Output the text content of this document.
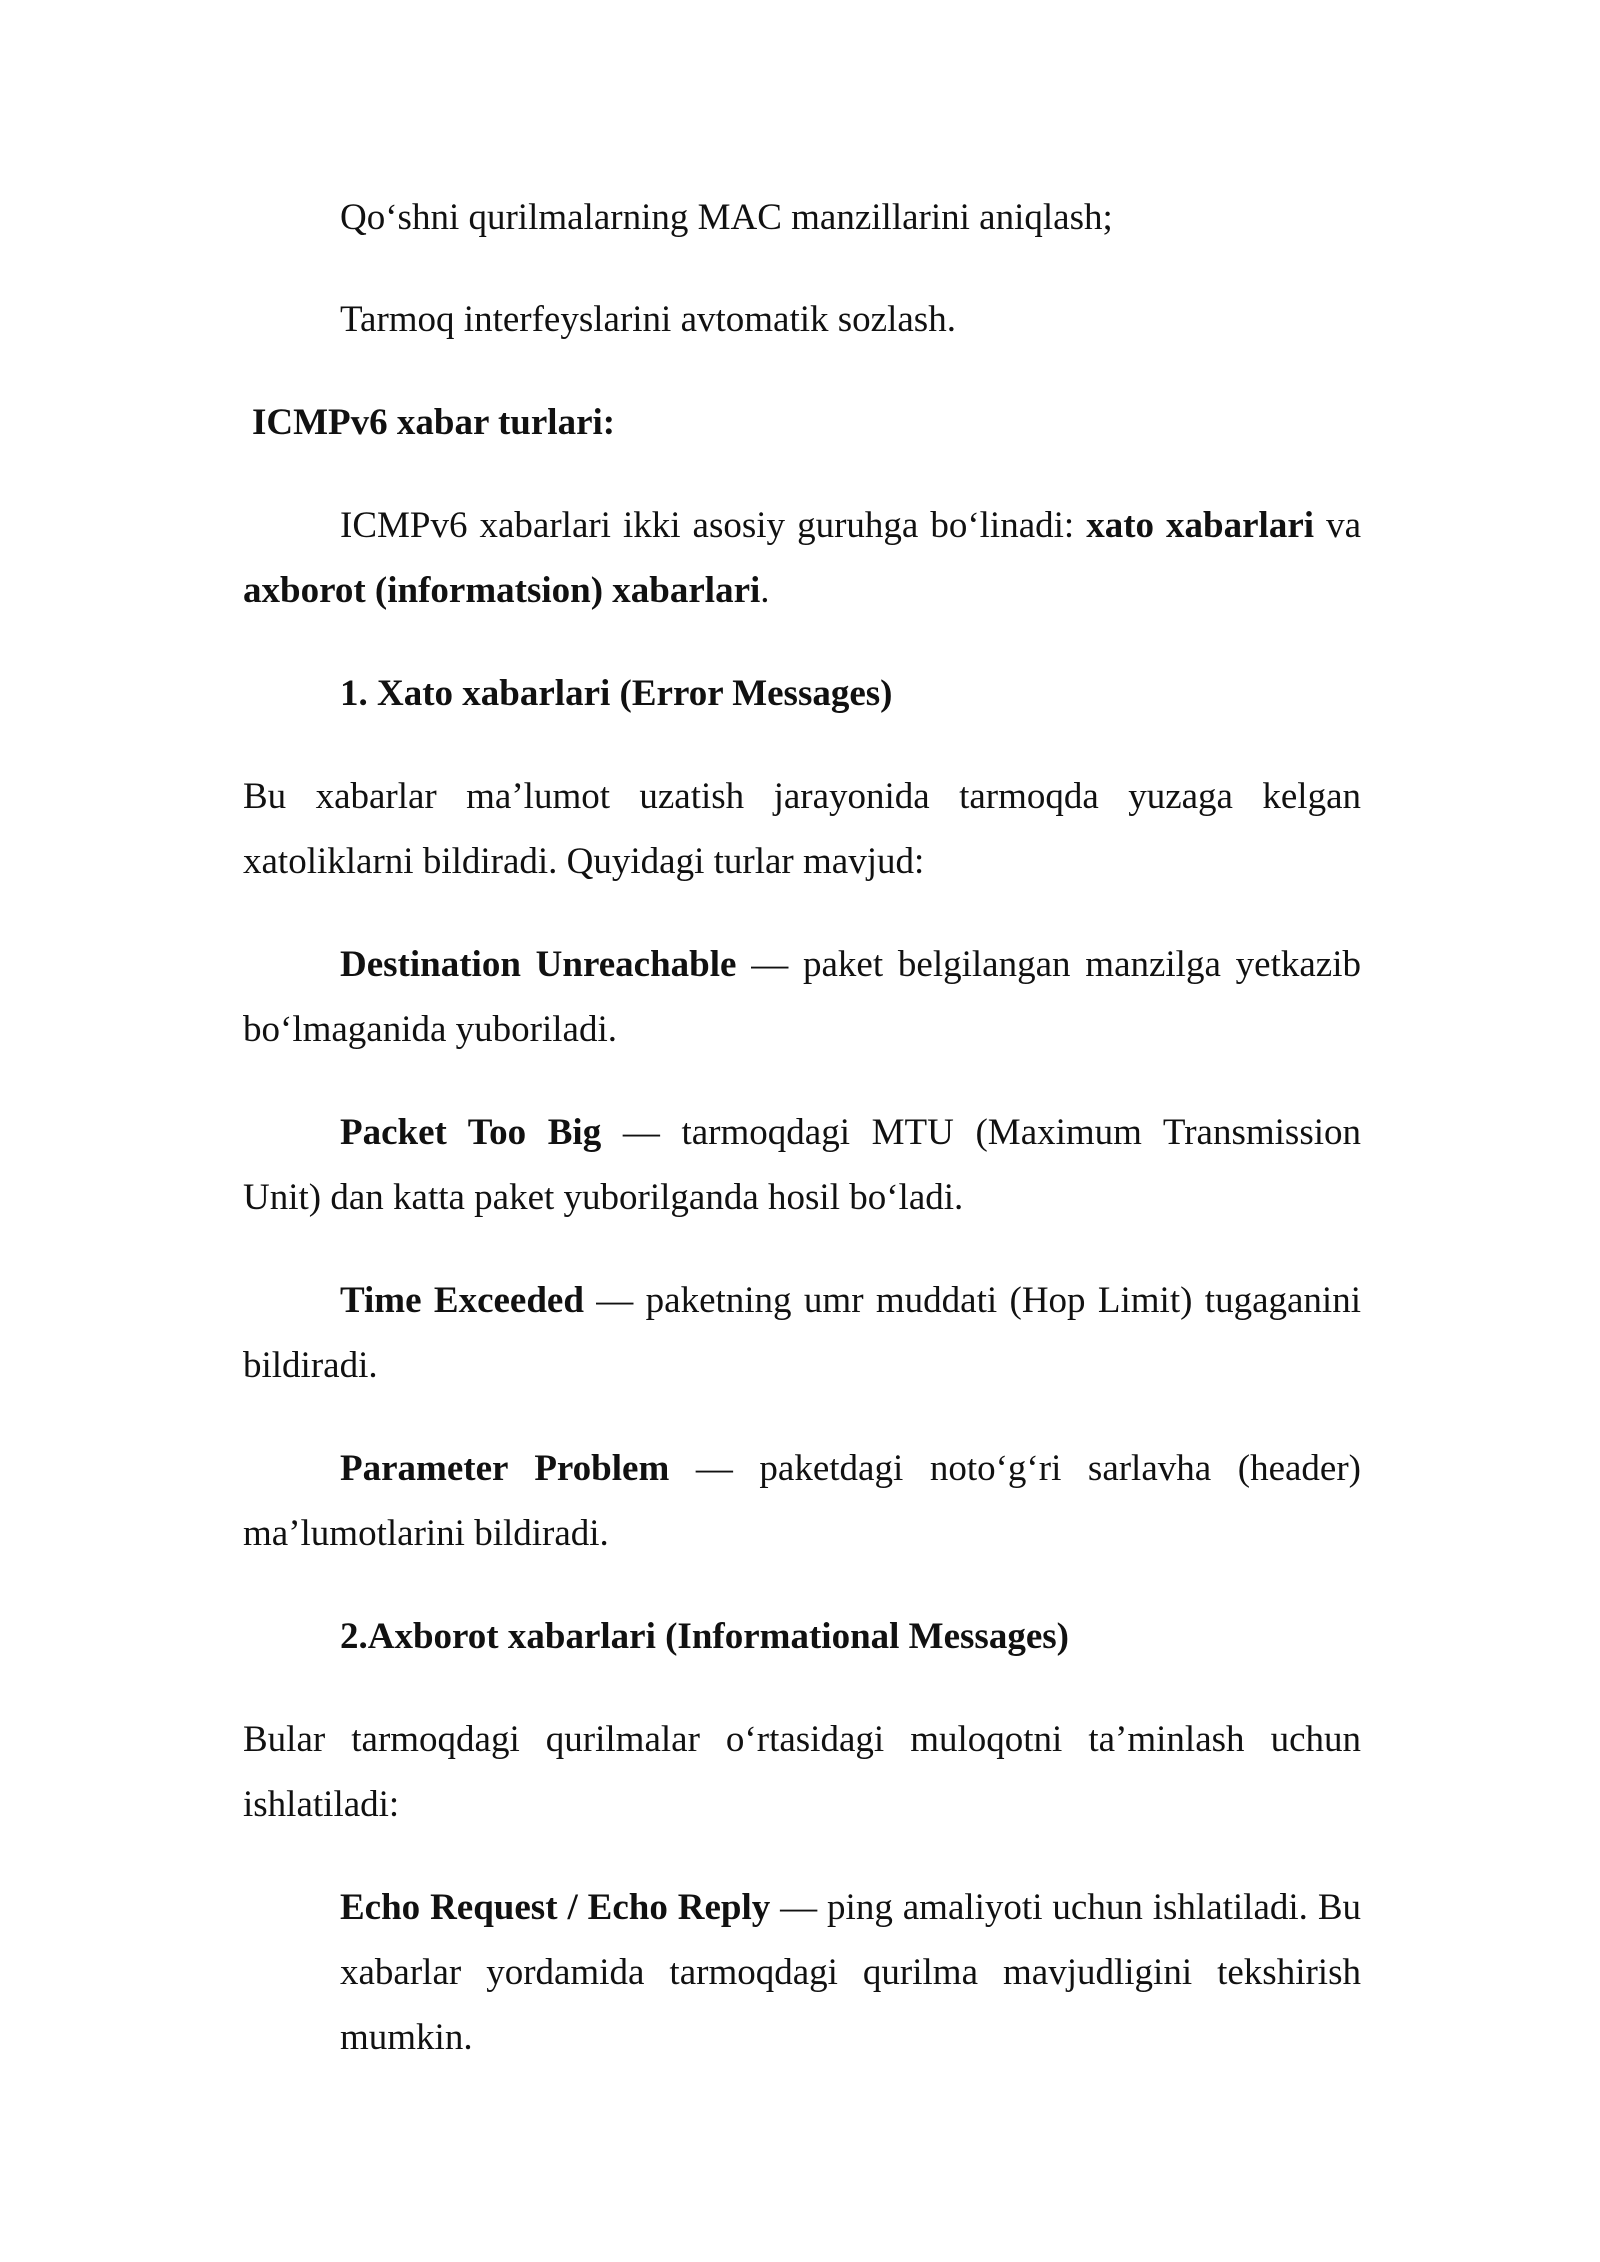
Qo‘shni qurilmalarning MAC manzillarini aniqlash;

Tarmoq interfeyslarini avtomatik sozlash.

ICMPv6 xabar turlari:

ICMPv6 xabarlari ikki asosiy guruhga bo‘linadi: xato xabarlari va axborot (informatsion) xabarlari.

1. Xato xabarlari (Error Messages)

Bu xabarlar ma’lumot uzatish jarayonida tarmoqda yuzaga kelgan xatoliklarni bildiradi. Quyidagi turlar mavjud:

Destination Unreachable — paket belgilangan manzilga yetkazib bo‘lmaganida yuboriladi.

Packet Too Big — tarmoqdagi MTU (Maximum Transmission Unit) dan katta paket yuborilganda hosil bo‘ladi.

Time Exceeded — paketning umr muddati (Hop Limit) tugaganini bildiradi.

Parameter Problem — paketdagi noto‘g‘ri sarlavha (header) ma’lumotlarini bildiradi.

2.Axborot xabarlari (Informational Messages)

Bular tarmoqdagi qurilmalar o‘rtasidagi muloqotni ta’minlash uchun ishlatiladi:

Echo Request / Echo Reply — ping amaliyoti uchun ishlatiladi. Bu xabarlar yordamida tarmoqdagi qurilma mavjudligini tekshirish mumkin.
